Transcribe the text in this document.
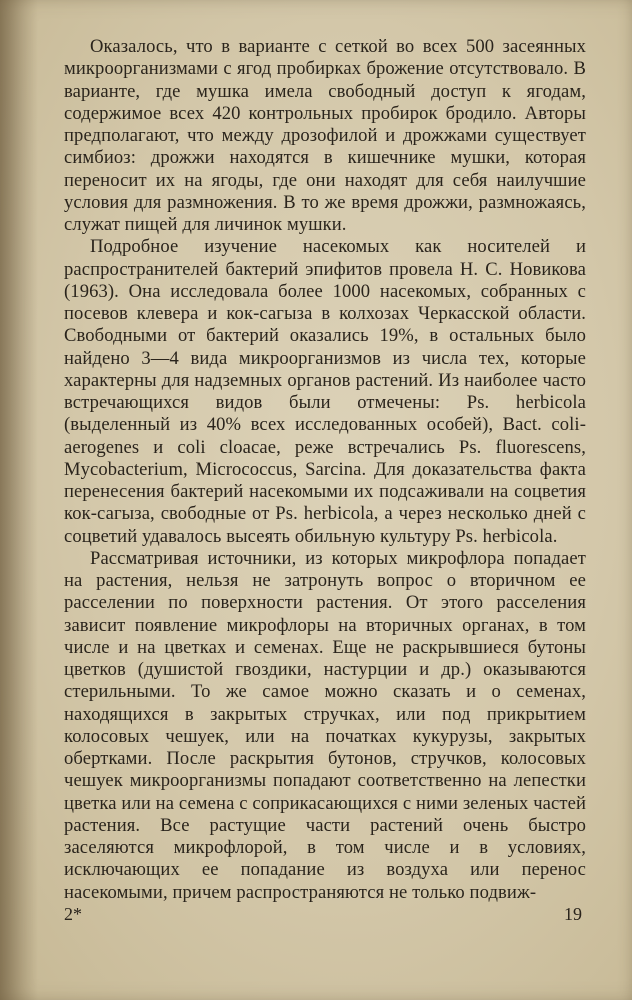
Оказалось, что в варианте с сеткой во всех 500 засеянных микроорганизмами с ягод пробирках брожение отсутствовало. В варианте, где мушка имела свободный доступ к ягодам, содержимое всех 420 контрольных пробирок бродило. Авторы предполагают, что между дрозофилой и дрожжами существует симбиоз: дрожжи находятся в кишечнике мушки, которая переносит их на ягоды, где они находят для себя наилучшие условия для размножения. В то же время дрожжи, размножаясь, служат пищей для личинок мушки.

Подробное изучение насекомых как носителей и распространителей бактерий эпифитов провела Н. С. Новикова (1963). Она исследовала более 1000 насекомых, собранных с посевов клевера и кок-сагыза в колхозах Черкасской области. Свободными от бактерий оказались 19%, в остальных было найдено 3—4 вида микроорганизмов из числа тех, которые характерны для надземных органов растений. Из наиболее часто встречающихся видов были отмечены: Ps. herbicola (выделенный из 40% всех исследованных особей), Bact. coli-aerogenes и coli cloacae, реже встречались Ps. fluorescens, Mycobacterium, Micrococcus, Sarcina. Для доказательства факта перенесения бактерий насекомыми их подсаживали на соцветия кок-сагыза, свободные от Ps. herbicola, а через несколько дней с соцветий удавалось высеять обильную культуру Ps. herbicola.

Рассматривая источники, из которых микрофлора попадает на растения, нельзя не затронуть вопрос о вторичном ее расселении по поверхности растения. От этого расселения зависит появление микрофлоры на вторичных органах, в том числе и на цветках и семенах. Еще не раскрывшиеся бутоны цветков (душистой гвоздики, настурции и др.) оказываются стерильными. То же самое можно сказать и о семенах, находящихся в закрытых стручках, или под прикрытием колосовых чешуек, или на початках кукурузы, закрытых обертками. После раскрытия бутонов, стручков, колосовых чешуек микроорганизмы попадают соответственно на лепестки цветка или на семена с соприкасающихся с ними зеленых частей растения. Все растущие части растений очень быстро заселяются микрофлорой, в том числе и в условиях, исключающих ее попадание из воздуха или перенос насекомыми, причем распространяются не только подвиж-

2*	19
